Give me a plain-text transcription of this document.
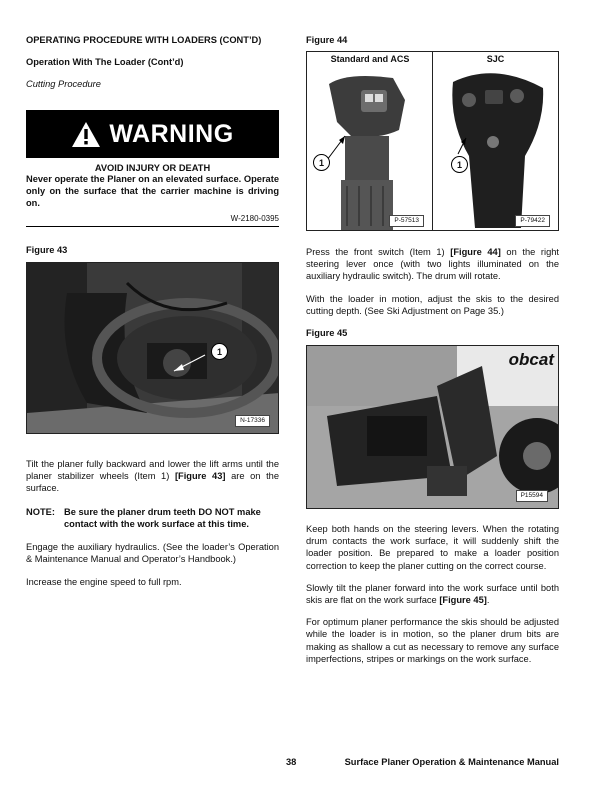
OPERATING PROCEDURE WITH LOADERS (CONT’D)
Operation With The Loader (Cont’d)
Cutting Procedure
WARNING
AVOID INJURY OR DEATH
Never operate the Planer on an elevated surface. Operate only on the surface that the carrier machine is driving on.
W-2180-0395
Figure 43
1
N-17336
Tilt the planer fully backward and lower the lift arms until the planer stabilizer wheels (Item 1) [Figure 43] are on the surface.
NOTE: Be sure the planer drum teeth DO NOT make contact with the work surface at this time.
Engage the auxiliary hydraulics. (See the loader’s Operation & Maintenance Manual and Operator’s Handbook.)
Increase the engine speed to full rpm.
Figure 44
Standard and ACS
1
P-57513
SJC
1
P-79422
Press the front switch (Item 1) [Figure 44] on the right steering lever once (with two lights illuminated on the auxiliary hydraulic switch). The drum will rotate.
With the loader in motion, adjust the skis to the desired cutting depth. (See Ski Adjustment on Page 35.)
Figure 45
obcat
P15594
Keep both hands on the steering levers. When the rotating drum contacts the work surface, it will suddenly shift the loader position. Be prepared to make a loader position correction to keep the planer cutting on the correct course.
Slowly tilt the planer forward into the work surface until both skis are flat on the work surface [Figure 45].
For optimum planer performance the skis should be adjusted while the loader is in motion, so the planer drum bits are making as shallow a cut as necessary to remove any surface imperfections, stripes or markings on the work surface.
38	Surface Planer Operation & Maintenance Manual
